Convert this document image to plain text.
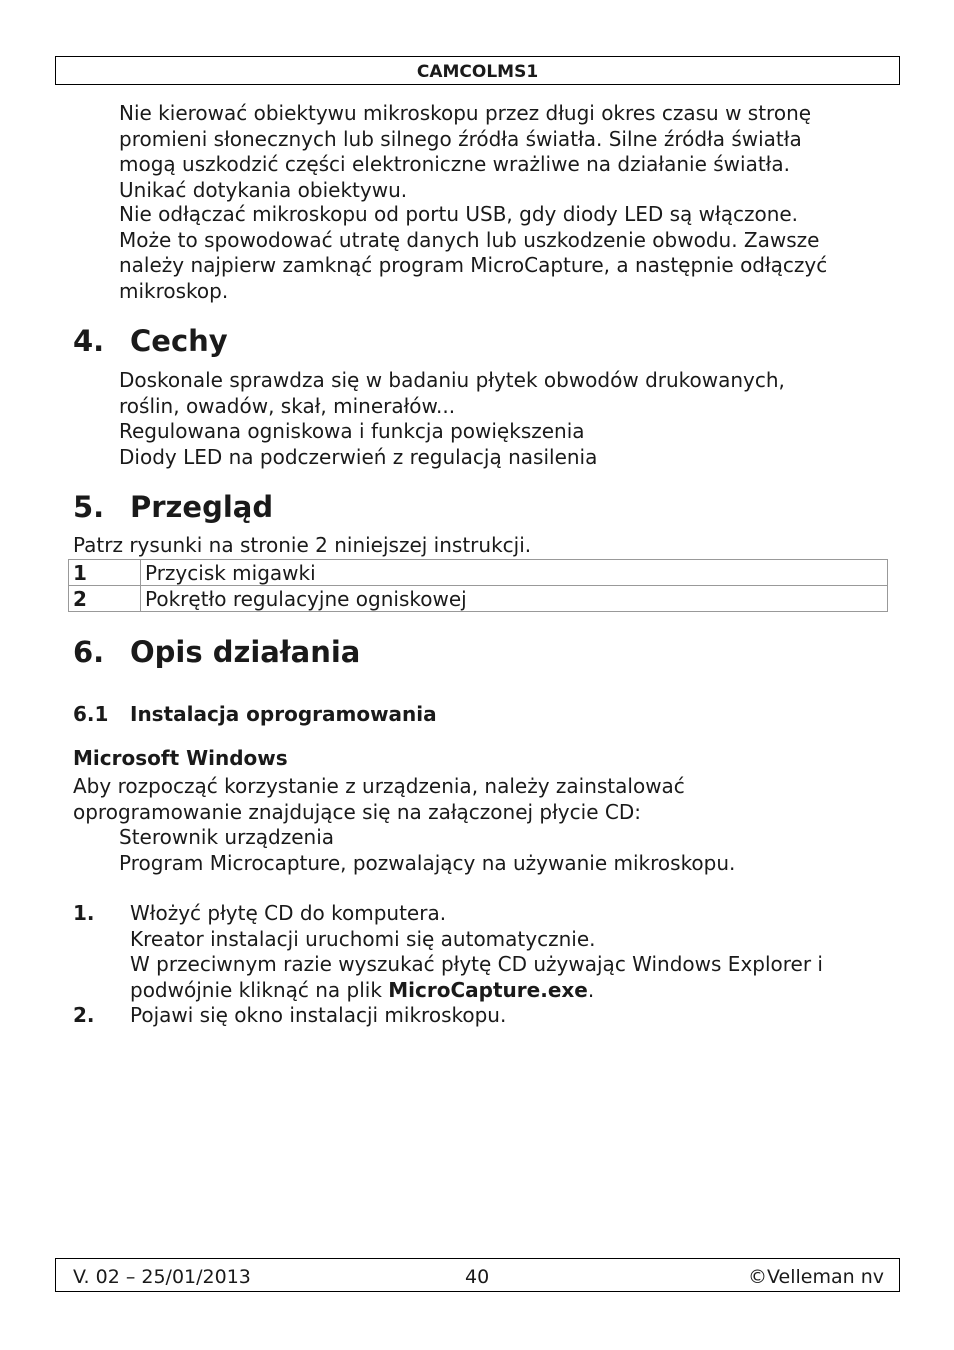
CAMCOLMS1
Nie kierować obiektywu mikroskopu przez długi okres czasu w stronę
promieni słonecznych lub silnego źródła światła. Silne źródła światła
mogą uszkodzić części elektroniczne wrażliwe na działanie światła.
Unikać dotykania obiektywu.
Nie odłączać mikroskopu od portu USB, gdy diody LED są włączone.
Może to spowodować utratę danych lub uszkodzenie obwodu. Zawsze
należy najpierw zamknąć program MicroCapture, a następnie odłączyć
mikroskop.
4. Cechy
Doskonale sprawdza się w badaniu płytek obwodów drukowanych,
roślin, owadów, skał, minerałów...
Regulowana ogniskowa i funkcja powiększenia
Diody LED na podczerwień z regulacją nasilenia
5. Przegląd
Patrz rysunki na stronie 2 niniejszej instrukcji.
1	Przycisk migawki
2	Pokrętło regulacyjne ogniskowej
6. Opis działania
6.1 Instalacja oprogramowania
Microsoft Windows
Aby rozpocząć korzystanie z urządzenia, należy zainstalować
oprogramowanie znajdujące się na załączonej płycie CD:
Sterownik urządzenia
Program Microcapture, pozwalający na używanie mikroskopu.
1. Włożyć płytę CD do komputera.
Kreator instalacji uruchomi się automatycznie.
W przeciwnym razie wyszukać płytę CD używając Windows Explorer i
podwójnie kliknąć na plik MicroCapture.exe.
2. Pojawi się okno instalacji mikroskopu.
V. 02 – 25/01/2013	40	©Velleman nv
